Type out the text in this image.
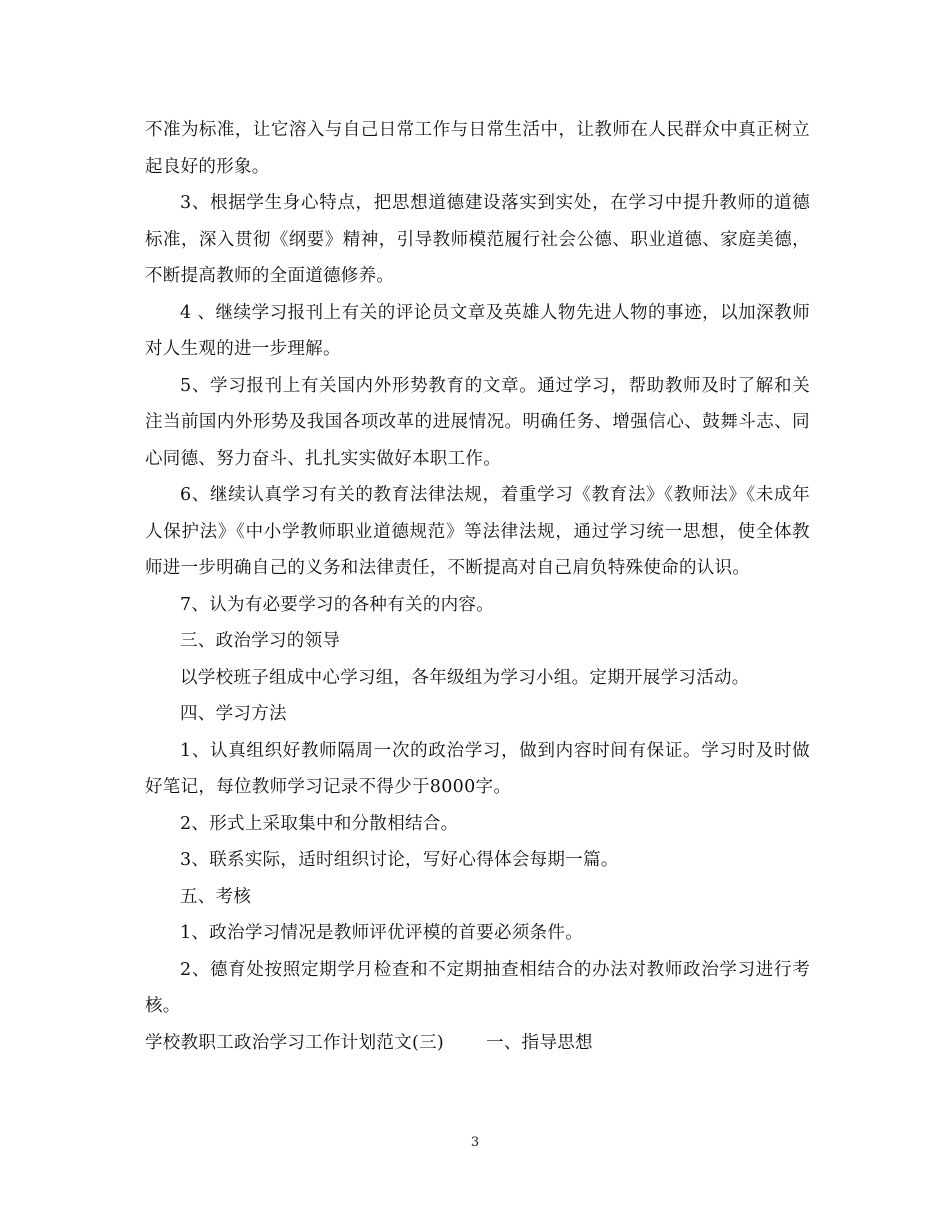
不准为标准，让它溶入与自己日常工作与日常生活中，让教师在人民群众中真正树立起良好的形象。

3、根据学生身心特点，把思想道德建设落实到实处，在学习中提升教师的道德标准，深入贯彻《纲要》精神，引导教师模范履行社会公德、职业道德、家庭美德，不断提高教师的全面道德修养。

4 、继续学习报刊上有关的评论员文章及英雄人物先进人物的事迹，以加深教师对人生观的进一步理解。

5、学习报刊上有关国内外形势教育的文章。通过学习，帮助教师及时了解和关注当前国内外形势及我国各项改革的进展情况。明确任务、增强信心、鼓舞斗志、同心同德、努力奋斗、扎扎实实做好本职工作。

6、继续认真学习有关的教育法律法规，着重学习《教育法》《教师法》《未成年人保护法》《中小学教师职业道德规范》等法律法规，通过学习统一思想，使全体教师进一步明确自己的义务和法律责任，不断提高对自己肩负特殊使命的认识。

7、认为有必要学习的各种有关的内容。

三、政治学习的领导

以学校班子组成中心学习组，各年级组为学习小组。定期开展学习活动。

四、学习方法

1、认真组织好教师隔周一次的政治学习，做到内容时间有保证。学习时及时做好笔记，每位教师学习记录不得少于8000字。

2、形式上采取集中和分散相结合。

3、联系实际，适时组织讨论，写好心得体会每期一篇。

五、考核

1、政治学习情况是教师评优评模的首要必须条件。

2、德育处按照定期学月检查和不定期抽查相结合的办法对教师政治学习进行考核。

学校教职工政治学习工作计划范文(三) 一、指导思想

3
